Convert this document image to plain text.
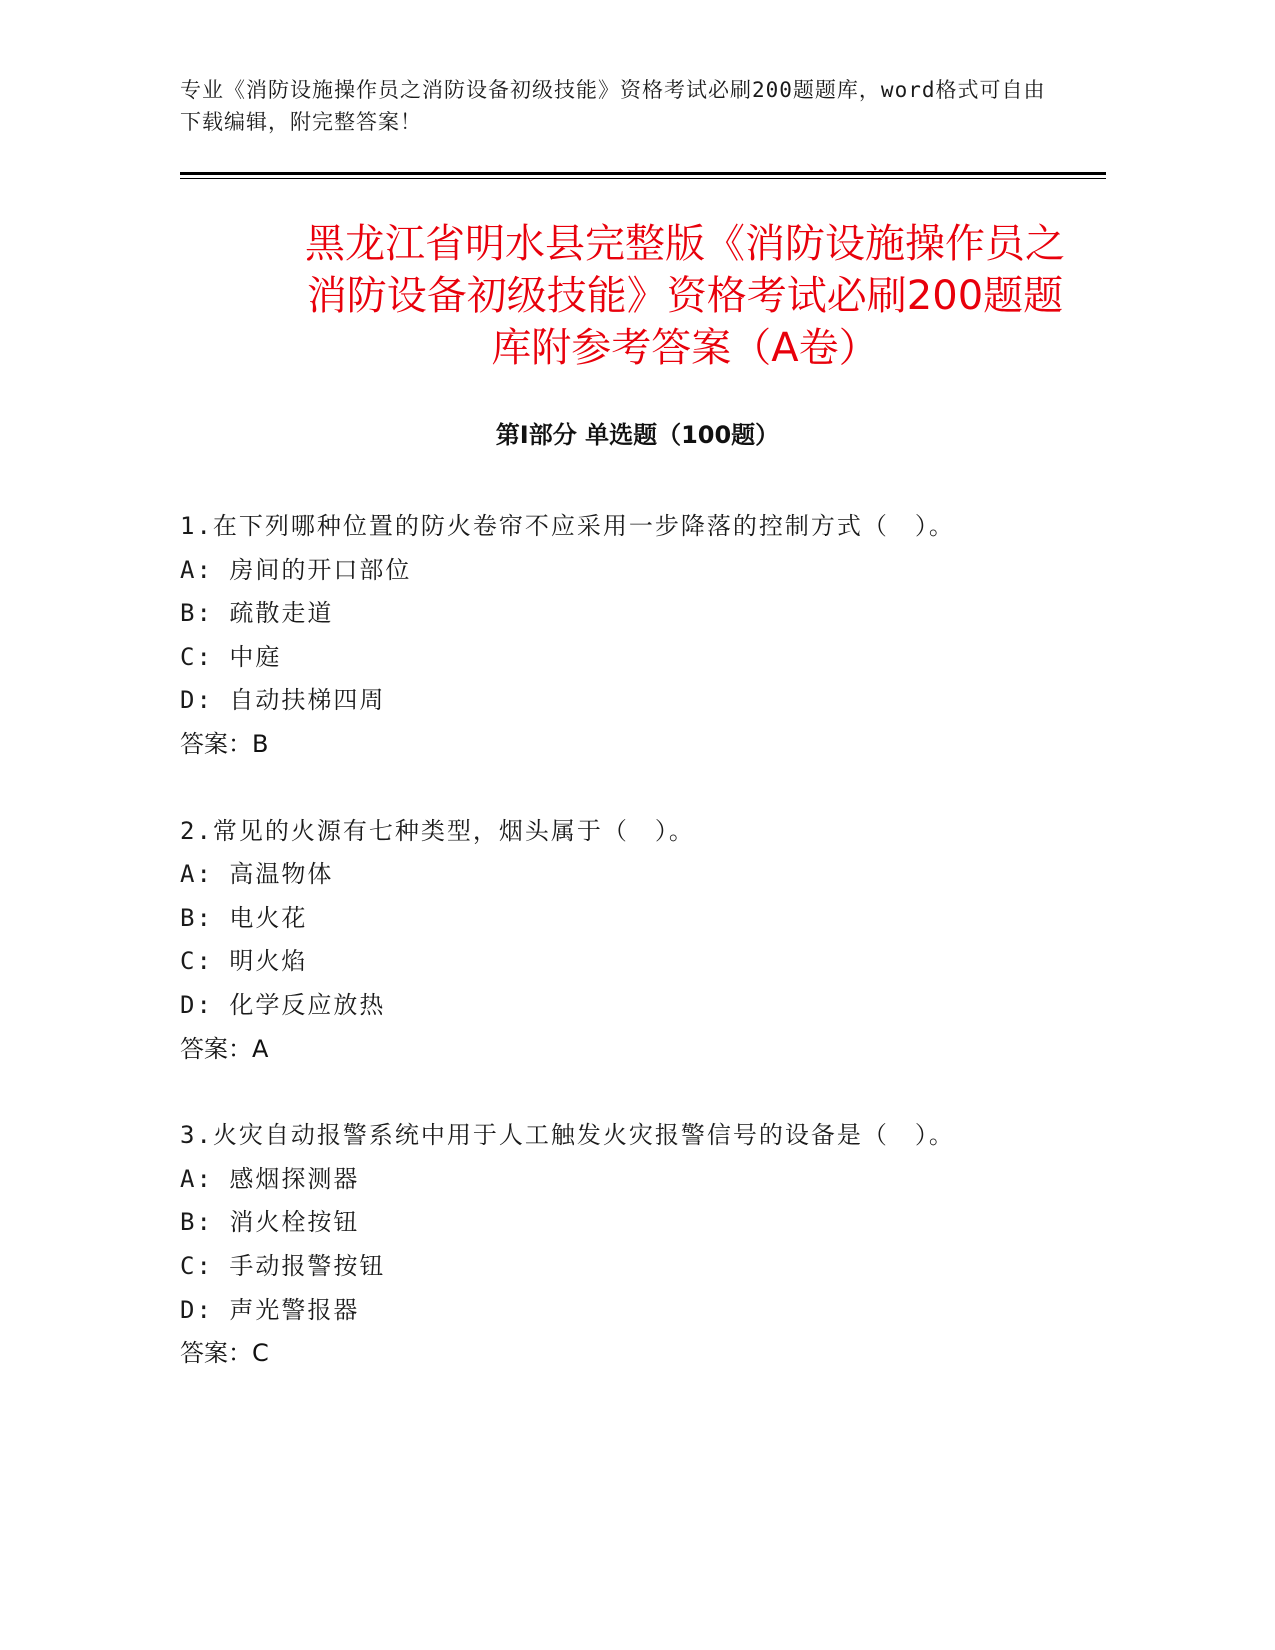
专业《消防设施操作员之消防设备初级技能》资格考试必刷200题题库，word格式可自由下载编辑，附完整答案！

黑龙江省明水县完整版《消防设施操作员之
消防设备初级技能》资格考试必刷200题题
库附参考答案（A卷）
第Ⅰ部分 单选题（100题）
1.在下列哪种位置的防火卷帘不应采用一步降落的控制方式（　）。
A: 房间的开口部位
B: 疏散走道
C: 中庭
D: 自动扶梯四周
答案：B
2.常见的火源有七种类型，烟头属于（　）。
A: 高温物体
B: 电火花
C: 明火焰
D: 化学反应放热
答案：A
3.火灾自动报警系统中用于人工触发火灾报警信号的设备是（　）。
A: 感烟探测器
B: 消火栓按钮
C: 手动报警按钮
D: 声光警报器
答案：C
